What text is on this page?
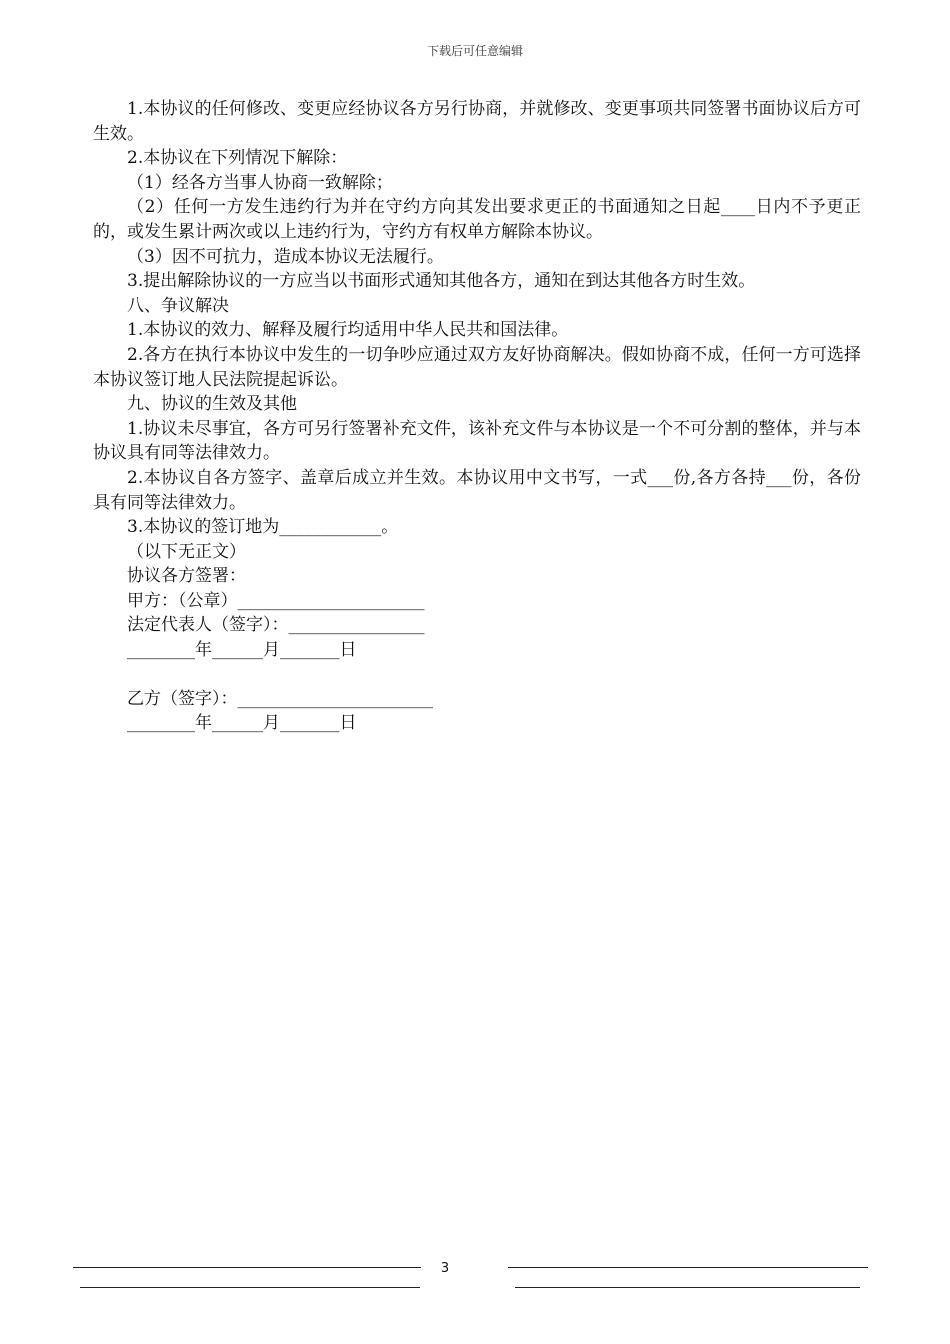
下载后可任意编辑

1.本协议的任何修改、变更应经协议各方另行协商，并就修改、变更事项共同签署书面协议后方可生效。

2.本协议在下列情况下解除：

（1）经各方当事人协商一致解除；

（2）任何一方发生违约行为并在守约方向其发出要求更正的书面通知之日起____日内不予更正的，或发生累计两次或以上违约行为，守约方有权单方解除本协议。

（3）因不可抗力，造成本协议无法履行。

3.提出解除协议的一方应当以书面形式通知其他各方，通知在到达其他各方时生效。

八、争议解决

1.本协议的效力、解释及履行均适用中华人民共和国法律。

2.各方在执行本协议中发生的一切争吵应通过双方友好协商解决。假如协商不成，任何一方可选择本协议签订地人民法院提起诉讼。

九、协议的生效及其他

1.协议未尽事宜，各方可另行签署补充文件，该补充文件与本协议是一个不可分割的整体，并与本协议具有同等法律效力。

2.本协议自各方签字、盖章后成立并生效。本协议用中文书写，一式___份,各方各持___份，各份具有同等法律效力。

3.本协议的签订地为____________。

（以下无正文）

协议各方签署：

甲方：（公章）______________________

法定代表人（签字）：________________

________年______月_______日

乙方（签字）：_______________________

________年______月_______日

3
